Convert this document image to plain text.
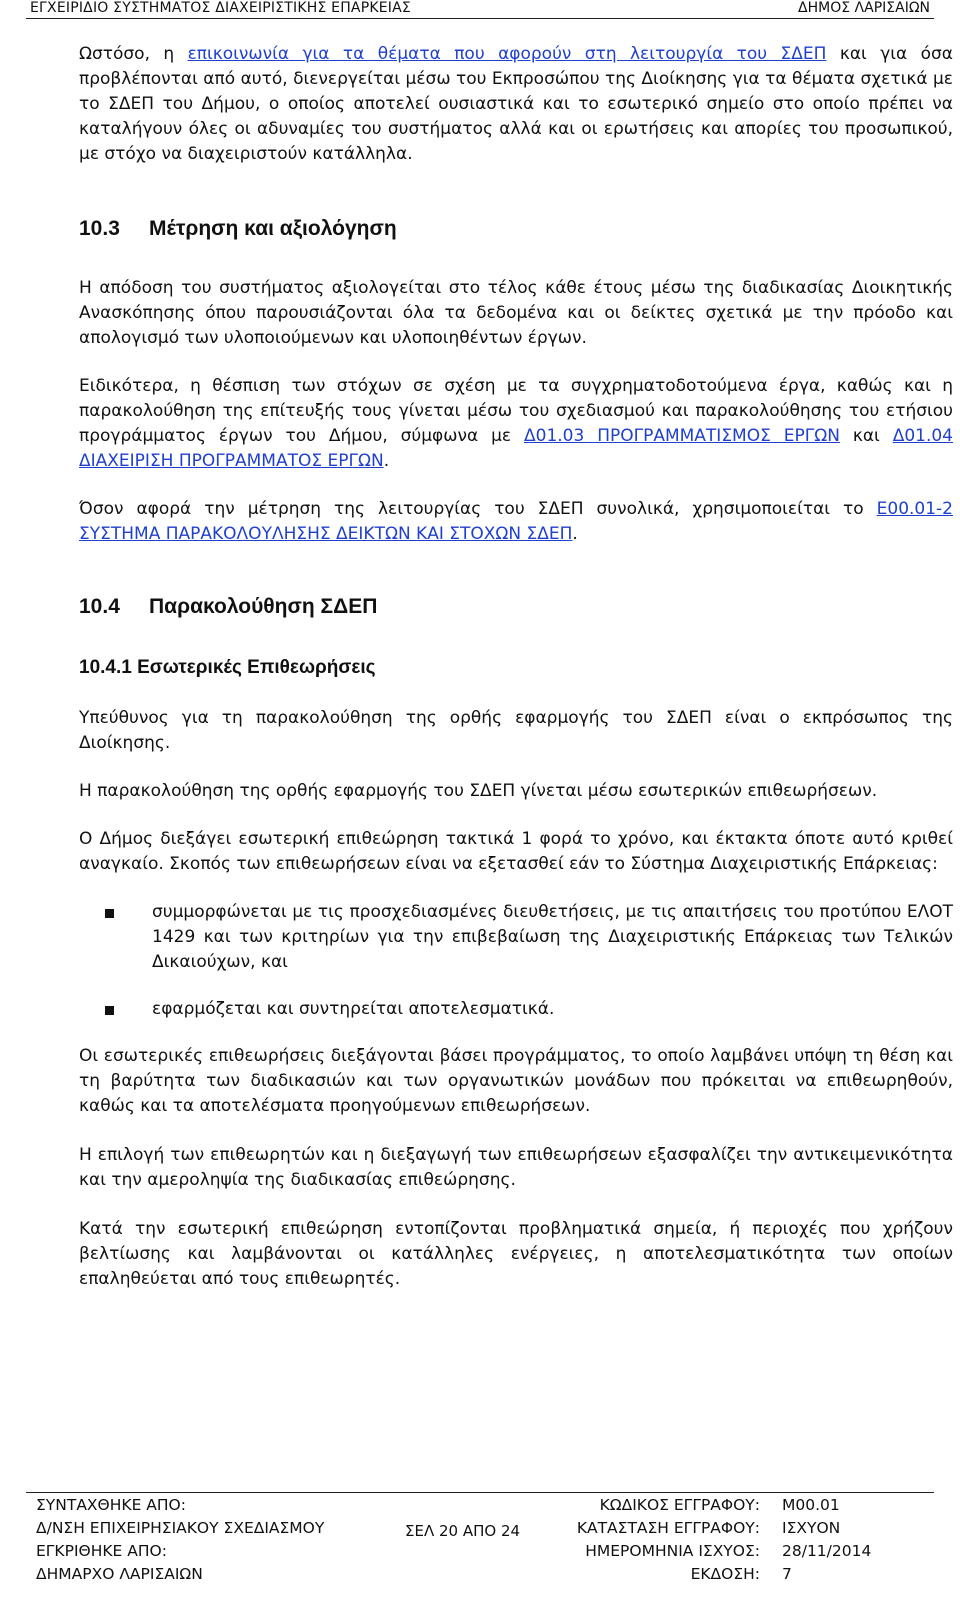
ΕΓΧΕΙΡΙΔΙΟ ΣΥΣΤΗΜΑΤΟΣ ΔΙΑΧΕΙΡΙΣΤΙΚΗΣ ΕΠΑΡΚΕΙΑΣ	ΔΗΜΟΣ ΛΑΡΙΣΑΙΩΝ

Ωστόσο, η επικοινωνία για τα θέματα που αφορούν στη λειτουργία του ΣΔΕΠ και για όσα προβλέπονται από αυτό, διενεργείται μέσω του Εκπροσώπου της Διοίκησης για τα θέματα σχετικά με το ΣΔΕΠ του Δήμου, ο οποίος αποτελεί ουσιαστικά και το εσωτερικό σημείο στο οποίο πρέπει να καταλήγουν όλες οι αδυναμίες του συστήματος αλλά και οι ερωτήσεις και απορίες του προσωπικού, με στόχο να διαχειριστούν κατάλληλα.

10.3	Μέτρηση και αξιολόγηση

Η απόδοση του συστήματος αξιολογείται στο τέλος κάθε έτους μέσω της διαδικασίας Διοικητικής Ανασκόπησης όπου παρουσιάζονται όλα τα δεδομένα και οι δείκτες σχετικά με την πρόοδο και απολογισμό των υλοποιούμενων και υλοποιηθέντων έργων.

Ειδικότερα, η θέσπιση των στόχων σε σχέση με τα συγχρηματοδοτούμενα έργα, καθώς και η παρακολούθηση της επίτευξής τους γίνεται μέσω του σχεδιασμού και παρακολούθησης του ετήσιου προγράμματος έργων του Δήμου, σύμφωνα με Δ01.03 ΠΡΟΓΡΑΜΜΑΤΙΣΜΟΣ ΕΡΓΩΝ και Δ01.04 ΔΙΑΧΕΙΡΙΣΗ ΠΡΟΓΡΑΜΜΑΤΟΣ ΕΡΓΩΝ.

Όσον αφορά την μέτρηση της λειτουργίας του ΣΔΕΠ συνολικά, χρησιμοποιείται το Ε00.01-2 ΣΥΣΤΗΜΑ ΠΑΡΑΚΟΛΟΥΛΗΣΗΣ ΔΕΙΚΤΩΝ ΚΑΙ ΣΤΟΧΩΝ ΣΔΕΠ.

10.4	Παρακολούθηση ΣΔΕΠ
10.4.1 Εσωτερικές Επιθεωρήσεις

Υπεύθυνος για τη παρακολούθηση της ορθής εφαρμογής του ΣΔΕΠ είναι ο εκπρόσωπος της Διοίκησης.

Η παρακολούθηση της ορθής εφαρμογής του ΣΔΕΠ γίνεται μέσω εσωτερικών επιθεωρήσεων.

Ο Δήμος διεξάγει εσωτερική επιθεώρηση τακτικά 1 φορά το χρόνο, και έκτακτα όποτε αυτό κριθεί αναγκαίο. Σκοπός των επιθεωρήσεων είναι να εξετασθεί εάν το Σύστημα Διαχειριστικής Επάρκειας:

συμμορφώνεται με τις προσχεδιασμένες διευθετήσεις, με τις απαιτήσεις του προτύπου ΕΛΟΤ 1429 και των κριτηρίων για την επιβεβαίωση της Διαχειριστικής Επάρκειας των Τελικών Δικαιούχων, και
εφαρμόζεται και συντηρείται αποτελεσματικά.

Οι εσωτερικές επιθεωρήσεις διεξάγονται βάσει προγράμματος, το οποίο λαμβάνει υπόψη τη θέση και τη βαρύτητα των διαδικασιών και των οργανωτικών μονάδων που πρόκειται να επιθεωρηθούν, καθώς και τα αποτελέσματα προηγούμενων επιθεωρήσεων.

Η επιλογή των επιθεωρητών και η διεξαγωγή των επιθεωρήσεων εξασφαλίζει την αντικειμενικότητα και την αμεροληψία της διαδικασίας επιθεώρησης.

Κατά την εσωτερική επιθεώρηση εντοπίζονται προβληματικά σημεία, ή περιοχές που χρήζουν βελτίωσης και λαμβάνονται οι κατάλληλες ενέργειες, η αποτελεσματικότητα των οποίων επαληθεύεται από τους επιθεωρητές.

ΣΥΝΤΑΧΘΗΚΕ ΑΠΟ:
Δ/ΝΣΗ ΕΠΙΧΕΙΡΗΣΙΑΚΟΥ ΣΧΕΔΙΑΣΜΟΥ
ΕΓΚΡΙΘΗΚΕ ΑΠΟ:
ΔΗΜΑΡΧΟ ΛΑΡΙΣΑΙΩΝ
ΣΕΛ 20 ΑΠΟ 24
ΚΩΔΙΚΟΣ ΕΓΓΡΑΦΟΥ:
ΚΑΤΑΣΤΑΣΗ ΕΓΓΡΑΦΟΥ:
ΗΜΕΡΟΜΗΝΙΑ ΙΣΧΥΟΣ:
ΕΚΔΟΣΗ:
Μ00.01
ΙΣΧΥΟΝ
28/11/2014
7
